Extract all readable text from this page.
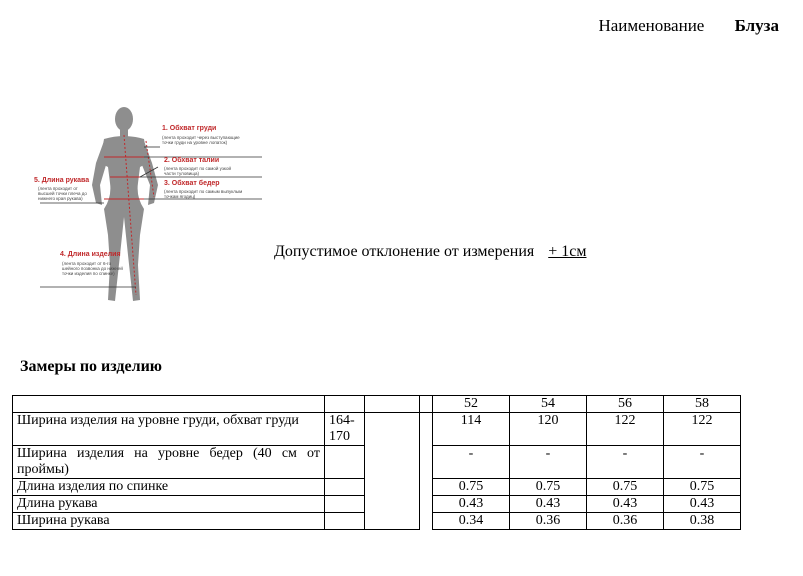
Наименование Блуза
1. Обхват груди
(лента проходит через выступающие
точки груди на уровне лопаток)
2. Обхват талии
(лента проходит по самой узкой
части туловища)
3. Обхват бедер
(лента проходит по самым выпуклым
точкам ягодиц)
4. Длина изделия
(лента проходит от 6-го
шейного позвонка до нижней
точки изделия по спинке)
5. Длина рукава
(лента проходит от
высшей точки плеча до
нижнего края рукава)
Допустимое отклонение от измерения + 1см
Замеры по изделию
				52	54	56	58
Ширина изделия на уровне груди, обхват груди	164-170			114	120	122	122
Ширина изделия на уровне бедер (40 см от проймы)				-	-	-	-
Длина изделия по спинке				0.75	0.75	0.75	0.75
Длина рукава				0.43	0.43	0.43	0.43
Ширина рукава				0.34	0.36	0.36	0.38
